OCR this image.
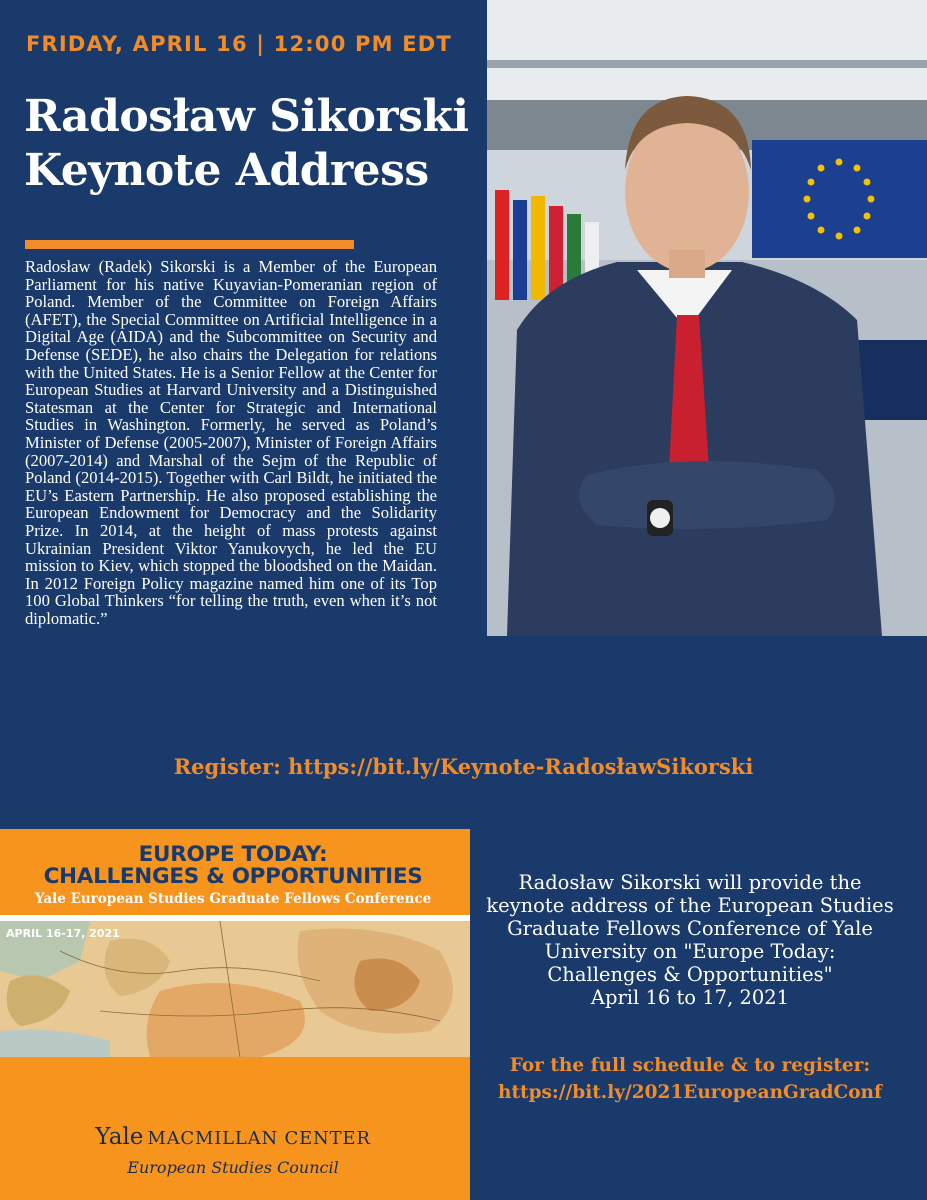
FRIDAY, APRIL 16 | 12:00 PM EDT
Radosław Sikorski
Keynote Address
Radosław (Radek) Sikorski is a Member of the European Parliament for his native Kuyavian-Pomeranian region of Poland. Member of the Committee on Foreign Affairs (AFET), the Special Committee on Artificial Intelligence in a Digital Age (AIDA) and the Subcommittee on Security and Defense (SEDE), he also chairs the Delegation for relations with the United States. He is a Senior Fellow at the Center for European Studies at Harvard University and a Distinguished Statesman at the Center for Strategic and International Studies in Washington. Formerly, he served as Poland’s Minister of Defense (2005-2007), Minister of Foreign Affairs (2007-2014) and Marshal of the Sejm of the Republic of Poland (2014-2015). Together with Carl Bildt, he initiated the EU’s Eastern Partnership. He also proposed establishing the European Endowment for Democracy and the Solidarity Prize. In 2014, at the height of mass protests against Ukrainian President Viktor Yanukovych, he led the EU mission to Kiev, which stopped the bloodshed on the Maidan. In 2012 Foreign Policy magazine named him one of its Top 100 Global Thinkers “for telling the truth, even when it’s not diplomatic.”
Register: https://bit.ly/Keynote-RadosławSikorski
EUROPE TODAY:
CHALLENGES & OPPORTUNITIES
Yale European Studies Graduate Fellows Conference
APRIL 16-17, 2021
Yale MACMILLAN CENTER
European Studies Council
Radosław Sikorski will provide the
keynote address of the European Studies
Graduate Fellows Conference of Yale
University on "Europe Today:
Challenges & Opportunities"
April 16 to 17, 2021
For the full schedule & to register:
https://bit.ly/2021EuropeanGradConf
